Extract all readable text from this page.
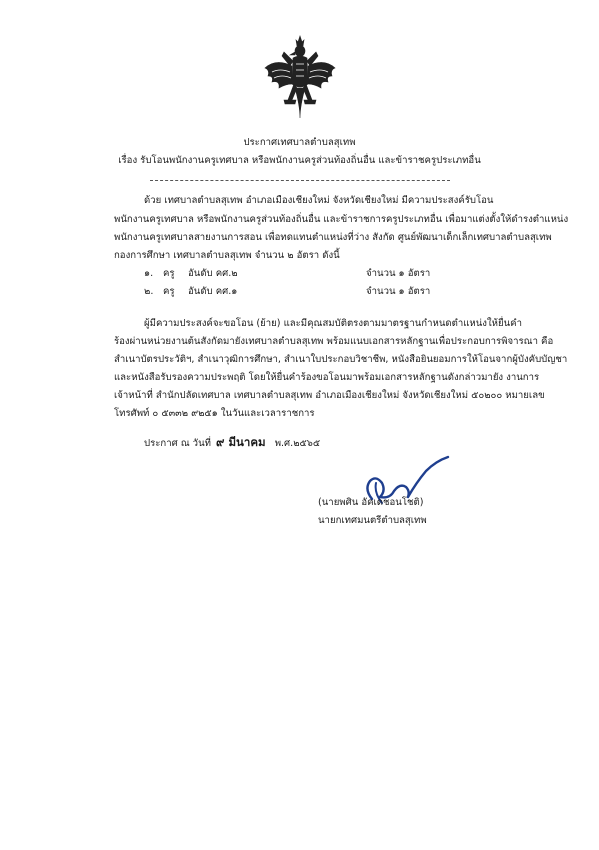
ประกาศเทศบาลตำบลสุเทพ
เรื่อง รับโอนพนักงานครูเทศบาล หรือพนักงานครูส่วนท้องถิ่นอื่น และข้าราชครูประเภทอื่น
ด้วย เทศบาลตำบลสุเทพ อำเภอเมืองเชียงใหม่ จังหวัดเชียงใหม่ มีความประสงค์รับโอน
พนักงานครูเทศบาล หรือพนักงานครูส่วนท้องถิ่นอื่น และข้าราชการครูประเภทอื่น เพื่อมาแต่งตั้งให้ดำรงตำแหน่ง
พนักงานครูเทศบาลสายงานการสอน เพื่อทดแทนตำแหน่งที่ว่าง สังกัด ศูนย์พัฒนาเด็กเล็กเทศบาลตำบลสุเทพ
กองการศึกษา เทศบาลตำบลสุเทพ จำนวน ๒ อัตรา ดังนี้
๑. ครู อันดับ คศ.๒	จำนวน ๑ อัตรา
๒. ครู อันดับ คศ.๑	จำนวน ๑ อัตรา
ผู้มีความประสงค์จะขอโอน (ย้าย) และมีคุณสมบัติตรงตามมาตรฐานกำหนดตำแหน่งให้ยื่นคำ
ร้องผ่านหน่วยงานต้นสังกัดมายังเทศบาลตำบลสุเทพ พร้อมแนบเอกสารหลักฐานเพื่อประกอบการพิจารณา คือ
สำเนาบัตรประวัติฯ, สำเนาวุฒิการศึกษา, สำเนาใบประกอบวิชาชีพ, หนังสือยินยอมการให้โอนจากผู้บังคับบัญชา
และหนังสือรับรองความประพฤติ โดยให้ยื่นคำร้องขอโอนมาพร้อมเอกสารหลักฐานดังกล่าวมายัง งานการ
เจ้าหน้าที่ สำนักปลัดเทศบาล เทศบาลตำบลสุเทพ อำเภอเมืองเชียงใหม่ จังหวัดเชียงใหม่ ๕๐๒๐๐ หมายเลข
โทรศัพท์ ๐ ๕๓๓๒ ๙๒๕๑ ในวันและเวลาราชการ
ประกาศ ณ วันที่ ๙ มีนาคม พ.ศ.๒๕๖๕
(นายพศิน อัคเดชอนโชติ)
นายกเทศมนตรีตำบลสุเทพ
